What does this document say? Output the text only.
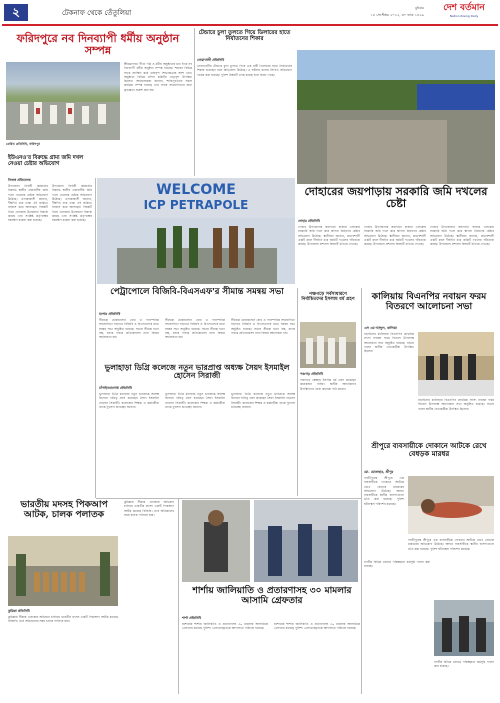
২	টেকনাফ থেকে তেঁতুলিয়া
বুধবার
১৪ সেপ্টেম্বর ২০২২, ৩০ ভাদ্র ১৪২৯
দেশ বর্তমান
Nation Rising Daily
ফরিদপুরে নব দিনব্যাপী ধর্মীয় অনুষ্ঠান সম্পন্ন
শ্রীমদ্ভাগবত গীতা পাঠ ও ধর্মীয় অনুষ্ঠানের মধ্য দিয়ে নব দিনব্যাপী ধর্মীয় অনুষ্ঠান সম্পন্ন হয়েছে। শহরের বিভিন্ন সড়ক প্রদক্ষিণ করে ভক্তবৃন্দ শোভাযাত্রায় অংশ নেন। অনুষ্ঠানে বিভিন্ন মন্দির কমিটির নেতৃবৃন্দ উপস্থিত ছিলেন। আয়োজকরা জানান, শান্তিপূর্ণভাবে সকল কার্যক্রম সম্পন্ন হয়েছে এবং সবার সহযোগিতার জন্য কৃতজ্ঞতা প্রকাশ করা হয়।
প্রেরিত প্রতিনিধি, ফরিদপুর
টেন্ডারে চুলা তুলতে গিয়ে ডিলারের হাতে নির্যাতনের শিকার
নোয়াখালী প্রতিনিধি
নোয়াখালীর টেন্ডারে চুলা তুলতে গিয়ে এক নারী ডিলারের হাতে নির্যাতনের শিকার হয়েছেন বলে অভিযোগ উঠেছে। এ ঘটনায় থানায় লিখিত অভিযোগ দায়ের করা হয়েছে। পুলিশ বিষয়টি তদন্ত করছে বলে জানা গেছে।
ইউএনও'র বিরুদ্ধে গ্রাম্য জমি দখল নেওয়া চেষ্টার অভিযোগ
নিজস্ব প্রতিবেদক
উপজেলা নির্বাহী কর্মকর্তার বিরুদ্ধে স্থানীয় গ্রামবাসীর জমি দখল নেওয়ার চেষ্টার অভিযোগ উঠেছে। এলাকাবাসী জানান, দীর্ঘদিন ধরে তারা এই জমিতে বসবাস করে আসছেন। বিষয়টি নিয়ে এলাকায় উত্তেজনা বিরাজ করছে এবং সংশ্লিষ্ট কর্তৃপক্ষের হস্তক্ষেপ কামনা করা হয়েছে।
উপজেলা নির্বাহী কর্মকর্তার বিরুদ্ধে স্থানীয় গ্রামবাসীর জমি দখল নেওয়ার চেষ্টার অভিযোগ উঠেছে। এলাকাবাসী জানান, দীর্ঘদিন ধরে তারা এই জমিতে বসবাস করে আসছেন। বিষয়টি নিয়ে এলাকায় উত্তেজনা বিরাজ করছে এবং সংশ্লিষ্ট কর্তৃপক্ষের হস্তক্ষেপ কামনা করা হয়েছে।
WELCOME
ICP PETRAPOLE
দোহারের জয়পাড়ায় সরকারি জমি দখলের চেষ্টা
দোহার প্রতিনিধি
দোহার উপজেলার জয়পাড়া বাজার এলাকায় সরকারি জমি দখল করে স্থাপনা নির্মাণের চেষ্টার অভিযোগ উঠেছে। স্থানীয়রা জানান, প্রভাবশালী একটি মহল দীর্ঘদিন ধরে জমিটি দখলের পাঁয়তারা করছে। উপজেলা প্রশাসন বিষয়টি খতিয়ে দেখছে।
দোহার উপজেলার জয়পাড়া বাজার এলাকায় সরকারি জমি দখল করে স্থাপনা নির্মাণের চেষ্টার অভিযোগ উঠেছে। স্থানীয়রা জানান, প্রভাবশালী একটি মহল দীর্ঘদিন ধরে জমিটি দখলের পাঁয়তারা করছে। উপজেলা প্রশাসন বিষয়টি খতিয়ে দেখছে।
দোহার উপজেলার জয়পাড়া বাজার এলাকায় সরকারি জমি দখল করে স্থাপনা নির্মাণের চেষ্টার অভিযোগ উঠেছে। স্থানীয়রা জানান, প্রভাবশালী একটি মহল দীর্ঘদিন ধরে জমিটি দখলের পাঁয়তারা করছে। উপজেলা প্রশাসন বিষয়টি খতিয়ে দেখছে।
পেট্রাপোলে বিজিবি-বিএসএফ'র সীমান্ত সমন্বয় সভা
যশোর প্রতিনিধি
সীমান্তে চোরাচালান রোধ ও পারস্পরিক সহযোগিতা বাড়াতে বিজিবি ও বিএসএফের মধ্যে সমন্বয় সভা অনুষ্ঠিত হয়েছে। সভায় সীমান্ত হত্যা বন্ধ, মাদক পাচার প্রতিরোধসহ নানা বিষয়ে আলোচনা হয়।
সীমান্তে চোরাচালান রোধ ও পারস্পরিক সহযোগিতা বাড়াতে বিজিবি ও বিএসএফের মধ্যে সমন্বয় সভা অনুষ্ঠিত হয়েছে। সভায় সীমান্ত হত্যা বন্ধ, মাদক পাচার প্রতিরোধসহ নানা বিষয়ে আলোচনা হয়।
সীমান্তে চোরাচালান রোধ ও পারস্পরিক সহযোগিতা বাড়াতে বিজিবি ও বিএসএফের মধ্যে সমন্বয় সভা অনুষ্ঠিত হয়েছে। সভায় সীমান্ত হত্যা বন্ধ, মাদক পাচার প্রতিরোধসহ নানা বিষয়ে আলোচনা হয়।
পঞ্চগড়ে সর্বসাধারণে নির্বাচিতদের ইসলাম ধর্ম গ্রহণ
পঞ্চগড় প্রতিনিধি
পঞ্চগড়ে স্বেচ্ছায় ইসলাম ধর্ম গ্রহণ করেছেন কয়েকজন ব্যক্তি। স্থানীয় আলেমদের উপস্থিতিতে তারা কালেমা পাঠ করেন।
কালিয়ায় বিএনপির নবায়ন ফরম বিতরণে আলোচনা সভা
এস এম আব্দুল, কালিয়া
নড়াইলের কালিয়ায় বিএনপির প্রাথমিক সদস্য নবায়ন ফরম বিতরণ উপলক্ষে আলোচনা সভা অনুষ্ঠিত হয়েছে। সভায় দলের স্থানীয় নেতাকর্মীরা উপস্থিত ছিলেন।
নড়াইলের কালিয়ায় বিএনপির প্রাথমিক সদস্য নবায়ন ফরম বিতরণ উপলক্ষে আলোচনা সভা অনুষ্ঠিত হয়েছে। সভায় দলের স্থানীয় নেতাকর্মীরা উপস্থিত ছিলেন।
ভুলাহাড়া ডিগ্রি কলেজে নতুন ভারপ্রাপ্ত অধ্যক্ষ সৈয়দ ইসমাইল হোসেন সিরাজী
চাঁপাইনবাবগঞ্জ প্রতিনিধি
ভুলাহাড়া ডিগ্রি কলেজে নতুন ভারপ্রাপ্ত অধ্যক্ষ হিসেবে দায়িত্ব গ্রহণ করেছেন সৈয়দ ইসমাইল হোসেন সিরাজী। কলেজের শিক্ষক ও কর্মচারীরা তাকে ফুলেল শুভেচ্ছা জানান।
ভুলাহাড়া ডিগ্রি কলেজে নতুন ভারপ্রাপ্ত অধ্যক্ষ হিসেবে দায়িত্ব গ্রহণ করেছেন সৈয়দ ইসমাইল হোসেন সিরাজী। কলেজের শিক্ষক ও কর্মচারীরা তাকে ফুলেল শুভেচ্ছা জানান।
ভুলাহাড়া ডিগ্রি কলেজে নতুন ভারপ্রাপ্ত অধ্যক্ষ হিসেবে দায়িত্ব গ্রহণ করেছেন সৈয়দ ইসমাইল হোসেন সিরাজী। কলেজের শিক্ষক ও কর্মচারীরা তাকে ফুলেল শুভেচ্ছা জানান।
শ্রীপুরে ব্যবসায়ীকে দোকানে আটকে রেখে বেধড়ক মারধর
মো. মোতাহার, শ্রীপুর
গাজীপুরের শ্রীপুরে এক ব্যবসায়ীকে দোকানে আটকে রেখে বেধড়ক মারধরের অভিযোগ উঠেছে। আহত ব্যবসায়ীকে স্থানীয় হাসপাতালে ভর্তি করা হয়েছে। পুলিশ ঘটনাস্থল পরিদর্শন করেছে।
গাজীপুরের শ্রীপুরে এক ব্যবসায়ীকে দোকানে আটকে রেখে বেধড়ক মারধরের অভিযোগ উঠেছে। আহত ব্যবসায়ীকে স্থানীয় হাসপাতালে ভর্তি করা হয়েছে। পুলিশ ঘটনাস্থল পরিদর্শন করেছে।
ভারতীয় মদসহ পিকআপ আটক, চালক পলাতক
কুমিল্লা প্রতিনিধি
কুমিল্লার সীমান্ত এলাকায় অভিযান চালিয়ে ভারতীয় মদসহ একটি পিকআপ আটক করেছে বিজিবি। তবে অভিযানের সময় চালক পালিয়ে যায়।
কুমিল্লার সীমান্ত এলাকায় অভিযান চালিয়ে ভারতীয় মদসহ একটি পিকআপ আটক করেছে বিজিবি। তবে অভিযানের সময় চালক পালিয়ে যায়।
শার্শায় জালিয়াতি ও প্রতারণাসহ ৩০ মামলার আসামি গ্রেফতার
শার্শা প্রতিনিধি
যশোরের শার্শায় জালিয়াতি ও প্রতারণাসহ ৩০ মামলার আসামিকে গ্রেফতার করেছে পুলিশ। গ্রেফতারকৃতকে আদালতে পাঠানো হয়েছে।
যশোরের শার্শায় জালিয়াতি ও প্রতারণাসহ ৩০ মামলার আসামিকে গ্রেফতার করেছে পুলিশ। গ্রেফতারকৃতকে আদালতে পাঠানো হয়েছে।
নগরীর বিভিন্ন ওয়ার্ডে পরিচ্ছন্নতা কর্মসূচি পালন করা হয়েছে।
নগরীর বিভিন্ন ওয়ার্ডে পরিচ্ছন্নতা কর্মসূচি পালন করা হয়েছে।
